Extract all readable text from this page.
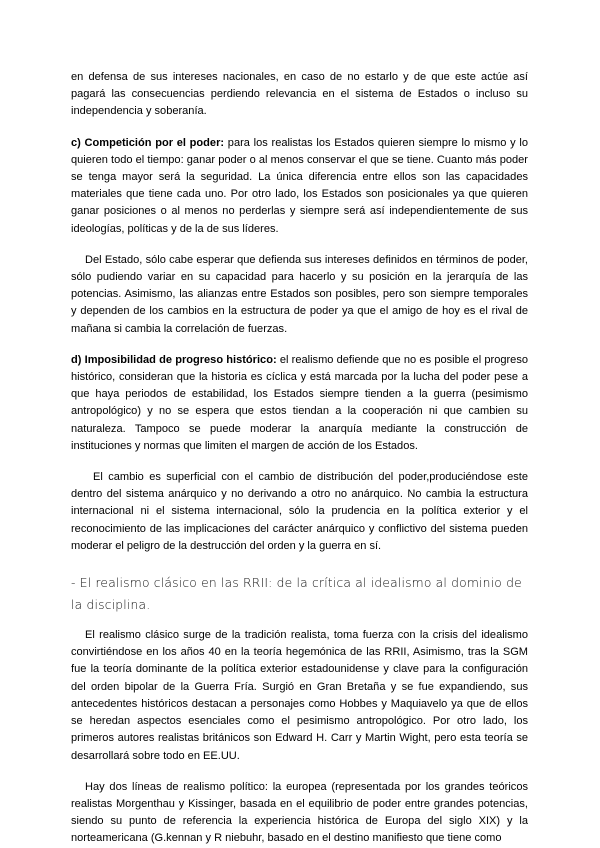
en defensa de sus intereses nacionales, en caso de no estarlo y de que este actúe así pagará las consecuencias perdiendo relevancia en el sistema de Estados o incluso su independencia y soberanía.

c) Competición por el poder: para los realistas los Estados quieren siempre lo mismo y lo quieren todo el tiempo: ganar poder o al menos conservar el que se tiene. Cuanto más poder se tenga mayor será la seguridad. La única diferencia entre ellos son las capacidades materiales que tiene cada uno. Por otro lado, los Estados son posicionales ya que quieren ganar posiciones o al menos no perderlas y siempre será así independientemente de sus ideologías, políticas y de la de sus líderes.

Del Estado, sólo cabe esperar que defienda sus intereses definidos en términos de poder, sólo pudiendo variar en su capacidad para hacerlo y su posición en la jerarquía de las potencias. Asimismo, las alianzas entre Estados son posibles, pero son siempre temporales y dependen de los cambios en la estructura de poder ya que el amigo de hoy es el rival de mañana si cambia la correlación de fuerzas.

d) Imposibilidad de progreso histórico: el realismo defiende que no es posible el progreso histórico, consideran que la historia es cíclica y está marcada por la lucha del poder pese a que haya periodos de estabilidad, los Estados siempre tienden a la guerra (pesimismo antropológico) y no se espera que estos tiendan a la cooperación ni que cambien su naturaleza. Tampoco se puede moderar la anarquía mediante la construcción de instituciones y normas que limiten el margen de acción de los Estados.

El cambio es superficial con el cambio de distribución del poder,produciéndose este dentro del sistema anárquico y no derivando a otro no anárquico. No cambia la estructura internacional ni el sistema internacional, sólo la prudencia en la política exterior y el reconocimiento de las implicaciones del carácter anárquico y conflictivo del sistema pueden moderar el peligro de la destrucción del orden y la guerra en sí.

- El realismo clásico en las RRII: de la crítica al idealismo al dominio de la disciplina.

El realismo clásico surge de la tradición realista, toma fuerza con la crisis del idealismo convirtiéndose en los años 40 en la teoría hegemónica de las RRII, Asimismo, tras la SGM fue la teoría dominante de la política exterior estadounidense y clave para la configuración del orden bipolar de la Guerra Fría. Surgió en Gran Bretaña y se fue expandiendo, sus antecedentes históricos destacan a personajes como Hobbes y Maquiavelo ya que de ellos se heredan aspectos esenciales como el pesimismo antropológico. Por otro lado, los primeros autores realistas británicos son Edward H. Carr y Martin Wight, pero esta teoría se desarrollará sobre todo en EE.UU.

Hay dos líneas de realismo político: la europea (representada por los grandes teóricos realistas Morgenthau y Kissinger, basada en el equilibrio de poder entre grandes potencias, siendo su punto de referencia la experiencia histórica de Europa del siglo XIX) y la norteamericana (G.kennan y R niebuhr, basado en el destino manifiesto que tiene como
